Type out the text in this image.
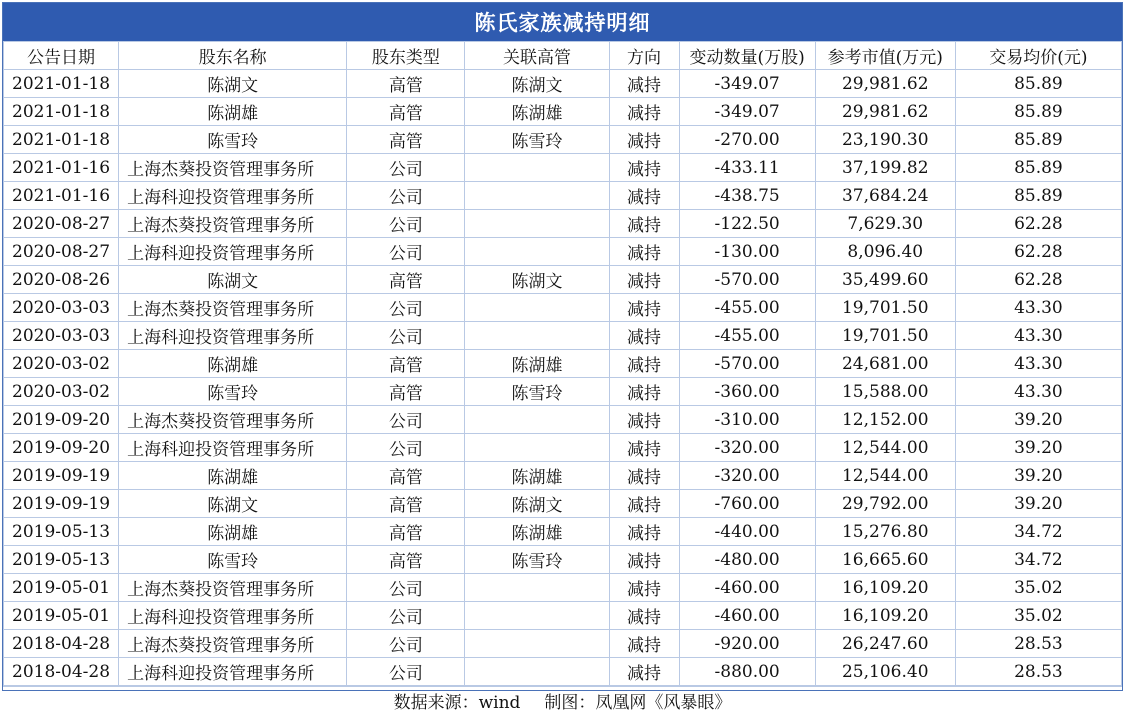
陈氏家族减持明细
公告日期	股东名称	股东类型	关联高管	方向	变动数量(万股)	参考市值(万元)	交易均价(元)
2021-01-18	陈湖文	高管	陈湖文	减持	-349.07	29,981.62	85.89
2021-01-18	陈湖雄	高管	陈湖雄	减持	-349.07	29,981.62	85.89
2021-01-18	陈雪玲	高管	陈雪玲	减持	-270.00	23,190.30	85.89
2021-01-16	上海杰葵投资管理事务所	公司		减持	-433.11	37,199.82	85.89
2021-01-16	上海科迎投资管理事务所	公司		减持	-438.75	37,684.24	85.89
2020-08-27	上海杰葵投资管理事务所	公司		减持	-122.50	7,629.30	62.28
2020-08-27	上海科迎投资管理事务所	公司		减持	-130.00	8,096.40	62.28
2020-08-26	陈湖文	高管	陈湖文	减持	-570.00	35,499.60	62.28
2020-03-03	上海杰葵投资管理事务所	公司		减持	-455.00	19,701.50	43.30
2020-03-03	上海科迎投资管理事务所	公司		减持	-455.00	19,701.50	43.30
2020-03-02	陈湖雄	高管	陈湖雄	减持	-570.00	24,681.00	43.30
2020-03-02	陈雪玲	高管	陈雪玲	减持	-360.00	15,588.00	43.30
2019-09-20	上海杰葵投资管理事务所	公司		减持	-310.00	12,152.00	39.20
2019-09-20	上海科迎投资管理事务所	公司		减持	-320.00	12,544.00	39.20
2019-09-19	陈湖雄	高管	陈湖雄	减持	-320.00	12,544.00	39.20
2019-09-19	陈湖文	高管	陈湖文	减持	-760.00	29,792.00	39.20
2019-05-13	陈湖雄	高管	陈湖雄	减持	-440.00	15,276.80	34.72
2019-05-13	陈雪玲	高管	陈雪玲	减持	-480.00	16,665.60	34.72
2019-05-01	上海杰葵投资管理事务所	公司		减持	-460.00	16,109.20	35.02
2019-05-01	上海科迎投资管理事务所	公司		减持	-460.00	16,109.20	35.02
2018-04-28	上海杰葵投资管理事务所	公司		减持	-920.00	26,247.60	28.53
2018-04-28	上海科迎投资管理事务所	公司		减持	-880.00	25,106.40	28.53
数据来源：wind 制图：凤凰网《风暴眼》
